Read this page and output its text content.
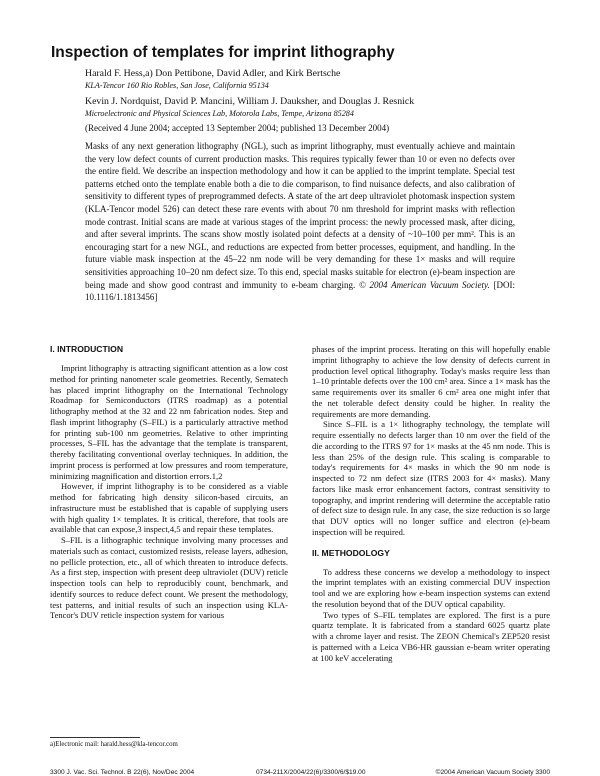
Inspection of templates for imprint lithography
Harald F. Hess,a) Don Pettibone, David Adler, and Kirk Bertsche
KLA-Tencor 160 Rio Robles, San Jose, California 95134
Kevin J. Nordquist, David P. Mancini, William J. Dauksher, and Douglas J. Resnick
Microelectronic and Physical Sciences Lab, Motorola Labs, Tempe, Arizona 85284
(Received 4 June 2004; accepted 13 September 2004; published 13 December 2004)

Masks of any next generation lithography (NGL), such as imprint lithography, must eventually achieve and maintain the very low defect counts of current production masks. This requires typically fewer than 10 or even no defects over the entire field. We describe an inspection methodology and how it can be applied to the imprint template. Special test patterns etched onto the template enable both a die to die comparison, to find nuisance defects, and also calibration of sensitivity to different types of preprogrammed defects. A state of the art deep ultraviolet photomask inspection system (KLA-Tencor model 526) can detect these rare events with about 70 nm threshold for imprint masks with reflection mode contrast. Initial scans are made at various stages of the imprint process: the newly processed mask, after dicing, and after several imprints. The scans show mostly isolated point defects at a density of ~10–100 per mm². This is an encouraging start for a new NGL, and reductions are expected from better processes, equipment, and handling. In the future viable mask inspection at the 45–22 nm node will be very demanding for these 1× masks and will require sensitivities approaching 10–20 nm defect size. To this end, special masks suitable for electron (e)-beam inspection are being made and show good contrast and immunity to e-beam charging. © 2004 American Vacuum Society. [DOI: 10.1116/1.1813456]

I. INTRODUCTION

Imprint lithography is attracting significant attention as a low cost method for printing nanometer scale geometries. Recently, Sematech has placed imprint lithography on the International Technology Roadmap for Semiconductors (ITRS roadmap) as a potential lithography method at the 32 and 22 nm fabrication nodes. Step and flash imprint lithography (S–FIL) is a particularly attractive method for printing sub-100 nm geometries. Relative to other imprinting processes, S–FIL has the advantage that the template is transparent, thereby facilitating conventional overlay techniques. In addition, the imprint process is performed at low pressures and room temperature, minimizing magnification and distortion errors.1,2

However, if imprint lithography is to be considered as a viable method for fabricating high density silicon-based circuits, an infrastructure must be established that is capable of supplying users with high quality 1× templates. It is critical, therefore, that tools are available that can expose,3 inspect,4,5 and repair these templates.

S–FIL is a lithographic technique involving many processes and materials such as contact, customized resists, release layers, adhesion, no pellicle protection, etc., all of which threaten to introduce defects. As a first step, inspection with present deep ultraviolet (DUV) reticle inspection tools can help to reproducibly count, benchmark, and identify sources to reduce defect count. We present the methodology, test patterns, and initial results of such an inspection using KLA-Tencor's DUV reticle inspection system for various

phases of the imprint process. Iterating on this will hopefully enable imprint lithography to achieve the low density of defects current in production level optical lithography. Today's masks require less than 1–10 printable defects over the 100 cm² area. Since a 1× mask has the same requirements over its smaller 6 cm² area one might infer that the net tolerable defect density could be higher. In reality the requirements are more demanding.

Since S–FIL is a 1× lithography technology, the template will require essentially no defects larger than 10 nm over the field of the die according to the ITRS 97 for 1× masks at the 45 nm node. This is less than 25% of the design rule. This scaling is comparable to today's requirements for 4× masks in which the 90 nm node is inspected to 72 nm defect size (ITRS 2003 for 4× masks). Many factors like mask error enhancement factors, contrast sensitivity to topography, and imprint rendering will determine the acceptable ratio of defect size to design rule. In any case, the size reduction is so large that DUV optics will no longer suffice and electron (e)-beam inspection will be required.

II. METHODOLOGY

To address these concerns we develop a methodology to inspect the imprint templates with an existing commercial DUV inspection tool and we are exploring how e-beam inspection systems can extend the resolution beyond that of the DUV optical capability.

Two types of S–FIL templates are explored. The first is a pure quartz template. It is fabricated from a standard 6025 quartz plate with a chrome layer and resist. The ZEON Chemical's ZEP520 resist is patterned with a Leica VB6-HR gaussian e-beam writer operating at 100 keV accelerating

a)Electronic mail: harald.hess@kla-tencor.com
3300 J. Vac. Sci. Technol. B 22(6), Nov/Dec 2004	0734-211X/2004/22(6)/3300/6/$19.00	©2004 American Vacuum Society 3300
